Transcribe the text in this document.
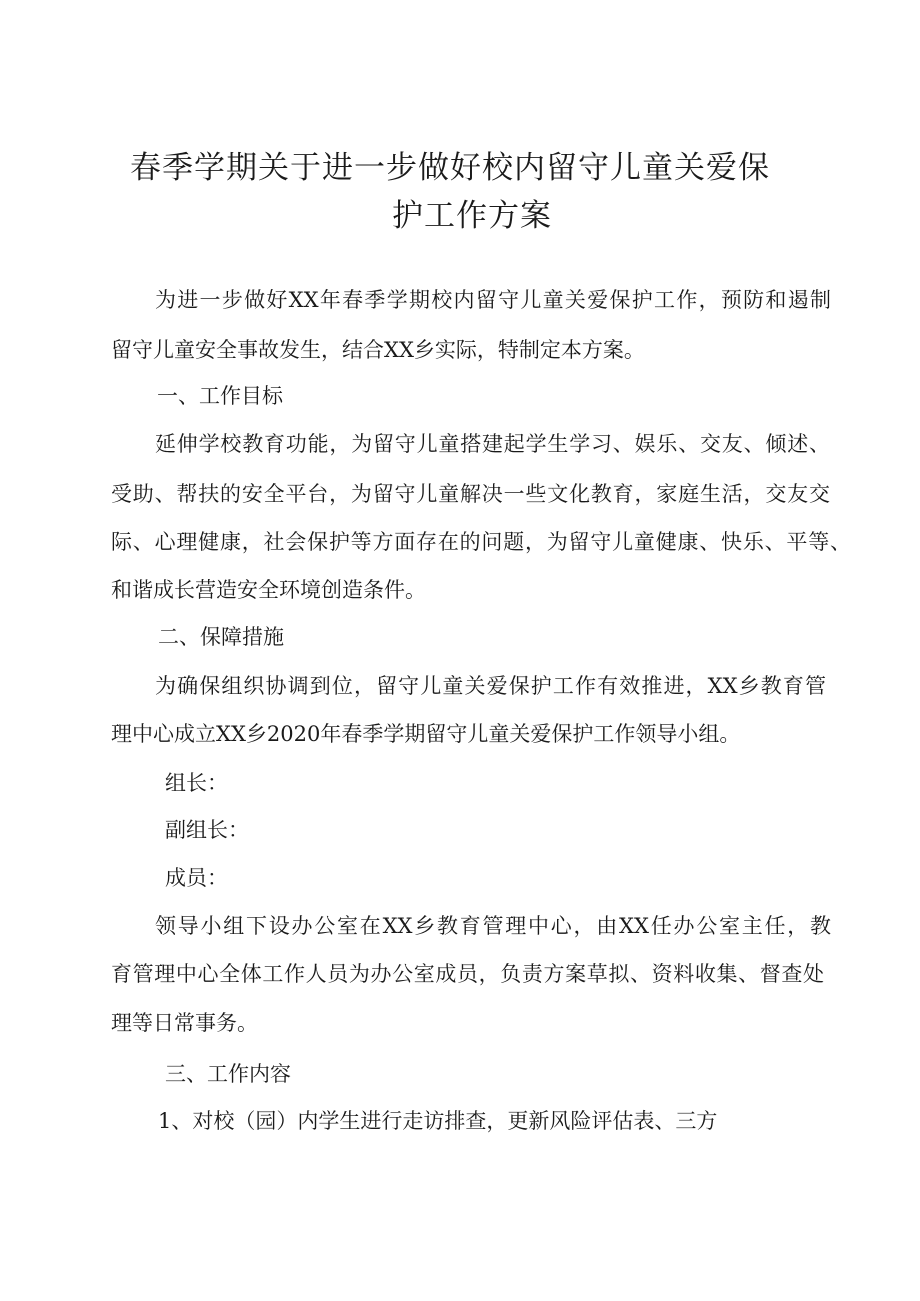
春季学期关于进一步做好校内留守儿童关爱保
护工作方案

为进一步做好XX年春季学期校内留守儿童关爱保护工作，预防和遏制

留守儿童安全事故发生，结合XX乡实际，特制定本方案。

一、工作目标

延伸学校教育功能，为留守儿童搭建起学生学习、娱乐、交友、倾述、

受助、帮扶的安全平台，为留守儿童解决一些文化教育，家庭生活，交友交

际、心理健康，社会保护等方面存在的问题，为留守儿童健康、快乐、平等、

和谐成长营造安全环境创造条件。

二、保障措施

为确保组织协调到位，留守儿童关爱保护工作有效推进，XX乡教育管

理中心成立XX乡2020年春季学期留守儿童关爱保护工作领导小组。

组长：

副组长：

成员：

领导小组下设办公室在XX乡教育管理中心，由XX任办公室主任，教

育管理中心全体工作人员为办公室成员，负责方案草拟、资料收集、督查处

理等日常事务。

三、工作内容

1、对校（园）内学生进行走访排查，更新风险评估表、三方
